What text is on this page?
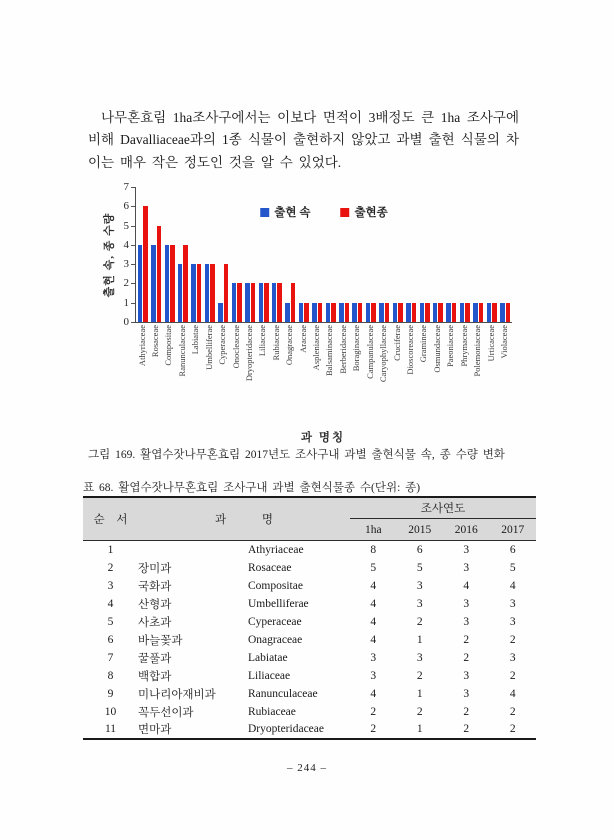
나무혼효림 1ha조사구에서는 이보다 면적이 3배정도 큰 1ha 조사구에 비해 Davalliaceae과의 1종 식물이 출현하지 않았고 과별 출현 식물의 차이는 매우 작은 정도인 것을 알 수 있었다.

출현 속, 종 수량
0
1
2
3
4
5
6
7
출현 속	출현종
Athyriaceae Rosaceae Compositae Ranunculaceae Labiatae Umbelliferae Cyperaceae Onocleaceae Dryopteridaceae Liliaceae Rubiaceae Onagraceae Araceae Aspleniaceae Balsaminaceae Berberidaceae Boraginaceae Campanulaceae Caryophyllaceae Cruciferae Dioscoreaceae Gramineae Osmundaceae Paeoniaceae Phrymaceae Polemoniaceae Urticaceae Violaceae
과 명칭
그림 169. 활엽수잣나무혼효림 2017년도 조사구내 과별 출현식물 속, 종 수량 변화
표 68. 활엽수잣나무혼효림 조사구내 과별 출현식물종 수(단위: 종)
순 서	과 명		조사연도			
			1ha	2015	2016	2017
1		Athyriaceae	8	6	3	6
2	장미과	Rosaceae	5	5	3	5
3	국화과	Compositae	4	3	4	4
4	산형과	Umbelliferae	4	3	3	3
5	사초과	Cyperaceae	4	2	3	3
6	바늘꽃과	Onagraceae	4	1	2	2
7	꿀풀과	Labiatae	3	3	2	3
8	백합과	Liliaceae	3	2	3	2
9	미나리아재비과	Ranunculaceae	4	1	3	4
10	꼭두선이과	Rubiaceae	2	2	2	2
11	면마과	Dryopteridaceae	2	1	2	2
– 244 –
